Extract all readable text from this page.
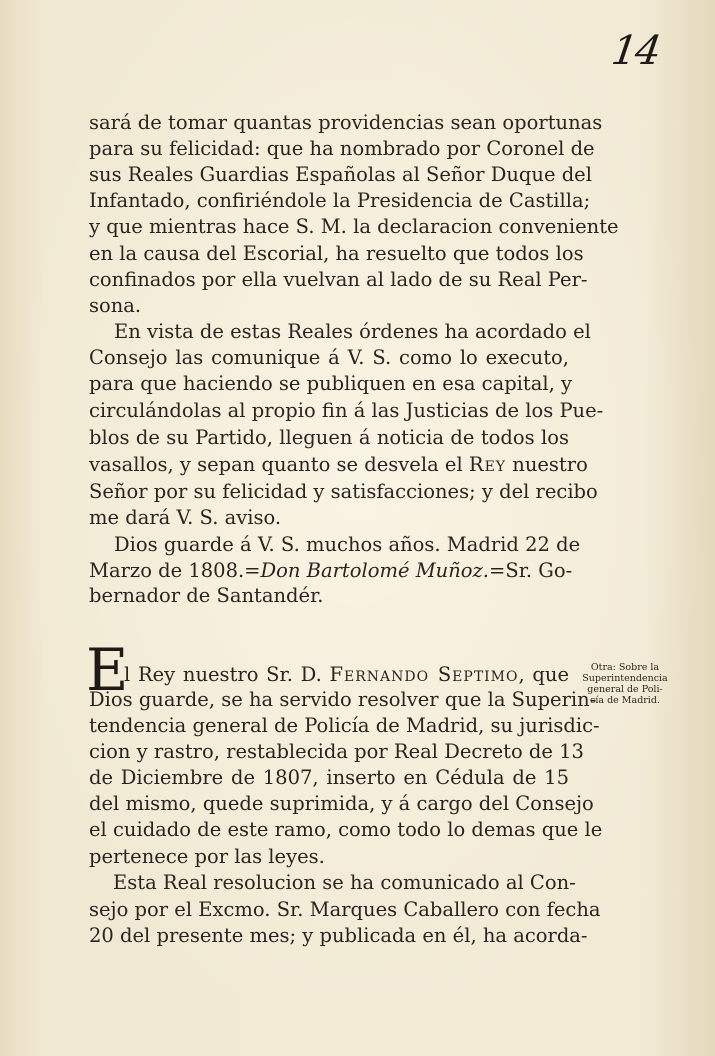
14
sará de tomar quantas providencias sean oportunas
para su felicidad: que ha nombrado por Coronel de
sus Reales Guardias Españolas al Señor Duque del
Infantado, confiriéndole la Presidencia de Castilla;
y que mientras hace S. M. la declaracion conveniente
en la causa del Escorial, ha resuelto que todos los
confinados por ella vuelvan al lado de su Real Per-
sona.
En vista de estas Reales órdenes ha acordado el
Consejo las comunique á V. S. como lo executo,
para que haciendo se publiquen en esa capital, y
circulándolas al propio fin á las Justicias de los Pue-
blos de su Partido, lleguen á noticia de todos los
vasallos, y sepan quanto se desvela el Rey nuestro
Señor por su felicidad y satisfacciones; y del recibo
me dará V. S. aviso.
Dios guarde á V. S. muchos años. Madrid 22 de
Marzo de 1808.=Don Bartolomé Muñoz.=Sr. Go-
bernador de Santandér.
E
l Rey nuestro Sr. D. Fernando Septimo, que
Dios guarde, se ha servido resolver que la Superin-
tendencia general de Policía de Madrid, su jurisdic-
cion y rastro, restablecida por Real Decreto de 13
de Diciembre de 1807, inserto en Cédula de 15
del mismo, quede suprimida, y á cargo del Consejo
el cuidado de este ramo, como todo lo demas que le
pertenece por las leyes.
Esta Real resolucion se ha comunicado al Con-
sejo por el Excmo. Sr. Marques Caballero con fecha
20 del presente mes; y publicada en él, ha acorda-
Otra: Sobre la
Superintendencia
general de Poli-
cía de Madrid.
